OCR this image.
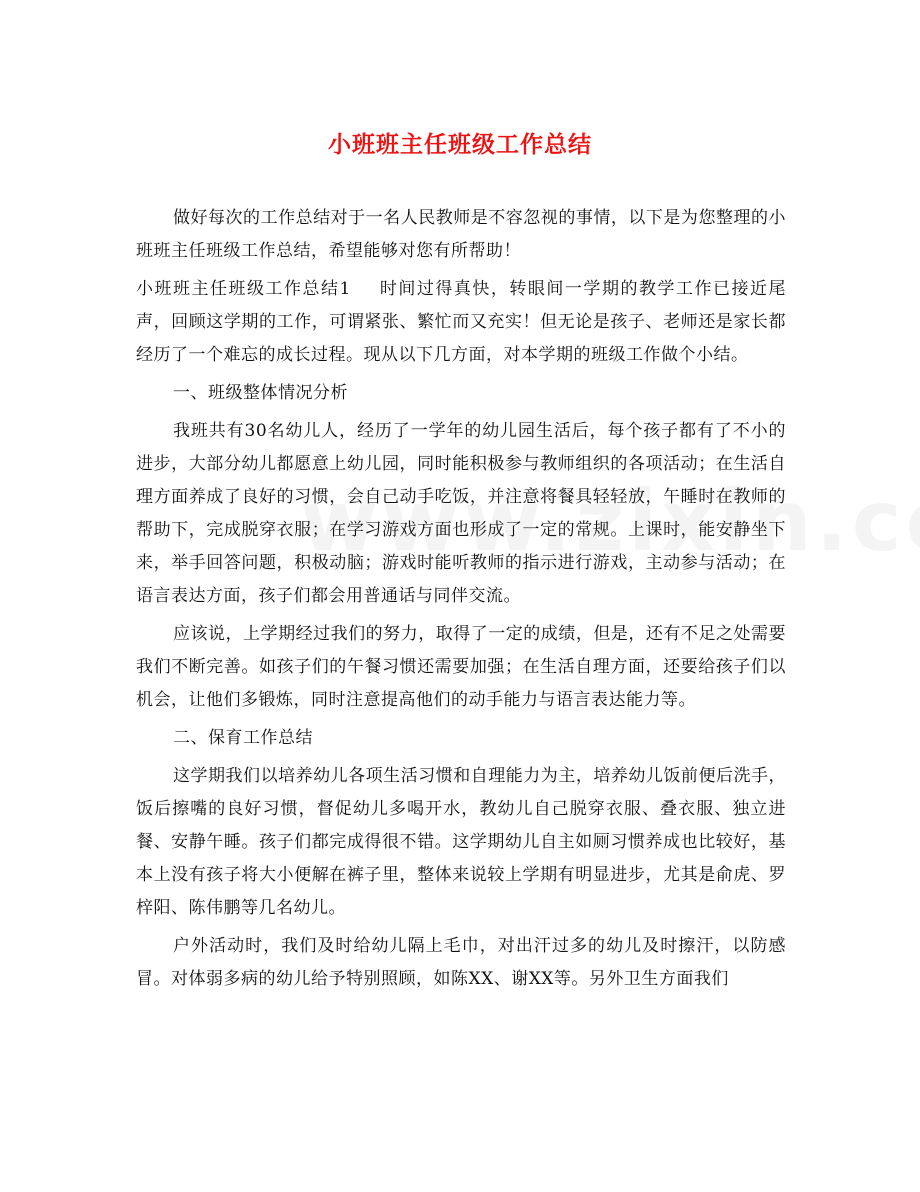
小班班主任班级工作总结

做好每次的工作总结对于一名人民教师是不容忽视的事情，以下是为您整理的小班班主任班级工作总结，希望能够对您有所帮助！

小班班主任班级工作总结1 时间过得真快，转眼间一学期的教学工作已接近尾声，回顾这学期的工作，可谓紧张、繁忙而又充实！但无论是孩子、老师还是家长都经历了一个难忘的成长过程。现从以下几方面，对本学期的班级工作做个小结。

一、班级整体情况分析

我班共有30名幼儿人，经历了一学年的幼儿园生活后，每个孩子都有了不小的进步，大部分幼儿都愿意上幼儿园，同时能积极参与教师组织的各项活动；在生活自理方面养成了良好的习惯，会自己动手吃饭，并注意将餐具轻轻放，午睡时在教师的帮助下，完成脱穿衣服；在学习游戏方面也形成了一定的常规。上课时，能安静坐下来，举手回答问题，积极动脑；游戏时能听教师的指示进行游戏，主动参与活动；在语言表达方面，孩子们都会用普通话与同伴交流。

应该说，上学期经过我们的努力，取得了一定的成绩，但是，还有不足之处需要我们不断完善。如孩子们的午餐习惯还需要加强；在生活自理方面，还要给孩子们以机会，让他们多锻炼，同时注意提高他们的动手能力与语言表达能力等。

二、保育工作总结

这学期我们以培养幼儿各项生活习惯和自理能力为主，培养幼儿饭前便后洗手，饭后擦嘴的良好习惯，督促幼儿多喝开水，教幼儿自己脱穿衣服、叠衣服、独立进餐、安静午睡。孩子们都完成得很不错。这学期幼儿自主如厕习惯养成也比较好，基本上没有孩子将大小便解在裤子里，整体来说较上学期有明显进步，尤其是俞虎、罗梓阳、陈伟鹏等几名幼儿。

户外活动时，我们及时给幼儿隔上毛巾，对出汗过多的幼儿及时擦汗，以防感冒。对体弱多病的幼儿给予特别照顾，如陈XX、谢XX等。另外卫生方面我们
